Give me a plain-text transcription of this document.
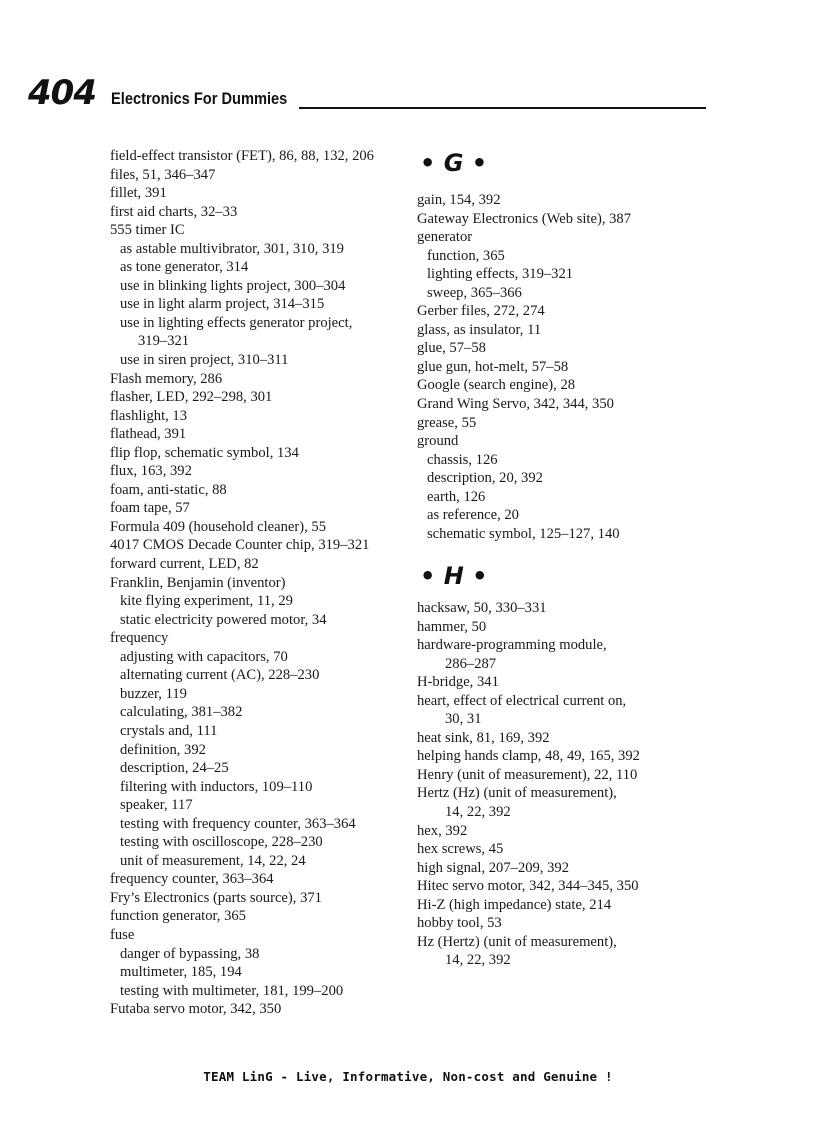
404 Electronics For Dummies
field-effect transistor (FET), 86, 88, 132, 206
files, 51, 346–347
fillet, 391
first aid charts, 32–33
555 timer IC
as astable multivibrator, 301, 310, 319
as tone generator, 314
use in blinking lights project, 300–304
use in light alarm project, 314–315
use in lighting effects generator project,
319–321
use in siren project, 310–311
Flash memory, 286
flasher, LED, 292–298, 301
flashlight, 13
flathead, 391
flip flop, schematic symbol, 134
flux, 163, 392
foam, anti-static, 88
foam tape, 57
Formula 409 (household cleaner), 55
4017 CMOS Decade Counter chip, 319–321
forward current, LED, 82
Franklin, Benjamin (inventor)
kite flying experiment, 11, 29
static electricity powered motor, 34
frequency
adjusting with capacitors, 70
alternating current (AC), 228–230
buzzer, 119
calculating, 381–382
crystals and, 111
definition, 392
description, 24–25
filtering with inductors, 109–110
speaker, 117
testing with frequency counter, 363–364
testing with oscilloscope, 228–230
unit of measurement, 14, 22, 24
frequency counter, 363–364
Fry’s Electronics (parts source), 371
function generator, 365
fuse
danger of bypassing, 38
multimeter, 185, 194
testing with multimeter, 181, 199–200
Futaba servo motor, 342, 350
• G •
gain, 154, 392
Gateway Electronics (Web site), 387
generator
function, 365
lighting effects, 319–321
sweep, 365–366
Gerber files, 272, 274
glass, as insulator, 11
glue, 57–58
glue gun, hot-melt, 57–58
Google (search engine), 28
Grand Wing Servo, 342, 344, 350
grease, 55
ground
chassis, 126
description, 20, 392
earth, 126
as reference, 20
schematic symbol, 125–127, 140
hacksaw, 50, 330–331
hammer, 50
hardware-programming module,
286–287
H-bridge, 341
heart, effect of electrical current on,
30, 31
heat sink, 81, 169, 392
helping hands clamp, 48, 49, 165, 392
Henry (unit of measurement), 22, 110
Hertz (Hz) (unit of measurement),
14, 22, 392
hex, 392
hex screws, 45
high signal, 207–209, 392
Hitec servo motor, 342, 344–345, 350
Hi-Z (high impedance) state, 214
hobby tool, 53
Hz (Hertz) (unit of measurement),
14, 22, 392
• H •
TEAM LinG - Live, Informative, Non-cost and Genuine !
